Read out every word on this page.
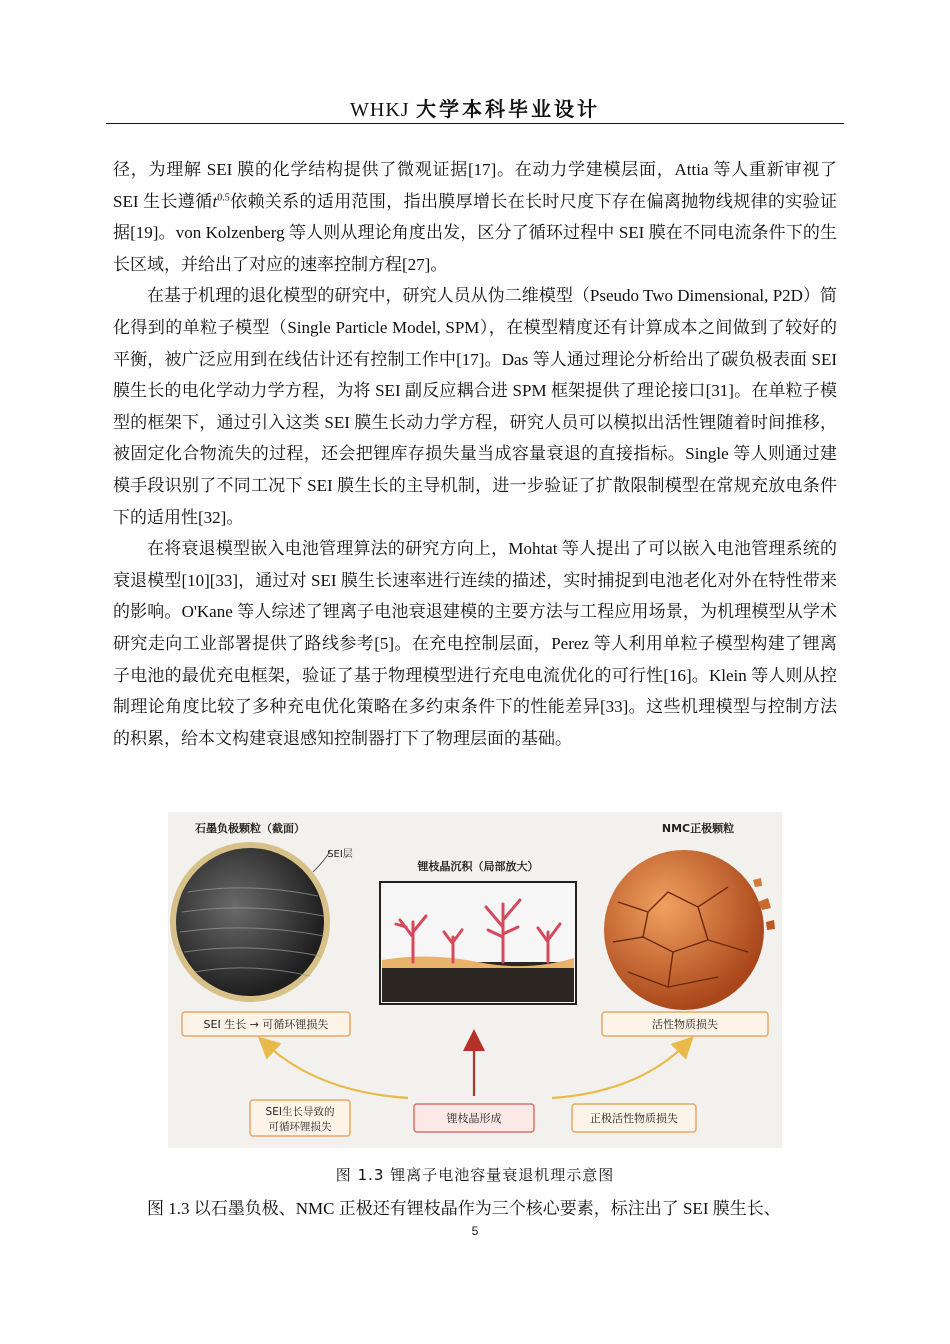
WHKJ 大学本科毕业设计

径，为理解 SEI 膜的化学结构提供了微观证据[17]。在动力学建模层面，Attia 等人重新审视了 SEI 生长遵循$t^{0.5}$依赖关系的适用范围，指出膜厚增长在长时尺度下存在偏离抛物线规律的实验证据[19]。von Kolzenberg 等人则从理论角度出发，区分了循环过程中 SEI 膜在不同电流条件下的生长区域，并给出了对应的速率控制方程[27]。

在基于机理的退化模型的研究中，研究人员从伪二维模型（Pseudo Two Dimensional, P2D）简化得到的单粒子模型（Single Particle Model, SPM），在模型精度还有计算成本之间做到了较好的平衡，被广泛应用到在线估计还有控制工作中[17]。Das 等人通过理论分析给出了碳负极表面 SEI 膜生长的电化学动力学方程，为将 SEI 副反应耦合进 SPM 框架提供了理论接口[31]。在单粒子模型的框架下，通过引入这类 SEI 膜生长动力学方程，研究人员可以模拟出活性锂随着时间推移，被固定化合物流失的过程，还会把锂库存损失量当成容量衰退的直接指标。Single 等人则通过建模手段识别了不同工况下 SEI 膜生长的主导机制，进一步验证了扩散限制模型在常规充放电条件下的适用性[32]。

在将衰退模型嵌入电池管理算法的研究方向上，Mohtat 等人提出了可以嵌入电池管理系统的衰退模型[10][33]，通过对 SEI 膜生长速率进行连续的描述，实时捕捉到电池老化对外在特性带来的影响。O'Kane 等人综述了锂离子电池衰退建模的主要方法与工程应用场景，为机理模型从学术研究走向工业部署提供了路线参考[5]。在充电控制层面，Perez 等人利用单粒子模型构建了锂离子电池的最优充电框架，验证了基于物理模型进行充电电流优化的可行性[16]。Klein 等人则从控制理论角度比较了多种充电优化策略在多约束条件下的性能差异[33]。这些机理模型与控制方法的积累，给本文构建衰退感知控制器打下了物理层面的基础。

石墨负极颗粒（截面）
SEI层
锂枝晶沉积（局部放大）
NMC正极颗粒
SEI 生长 → 可循环锂损失	活性物质损失
SEI生长导致的
可循环锂损失
锂枝晶形成	正极活性物质损失
图 1.3 锂离子电池容量衰退机理示意图
图 1.3 以石墨负极、NMC 正极还有锂枝晶作为三个核心要素，标注出了 SEI 膜生长、
5
